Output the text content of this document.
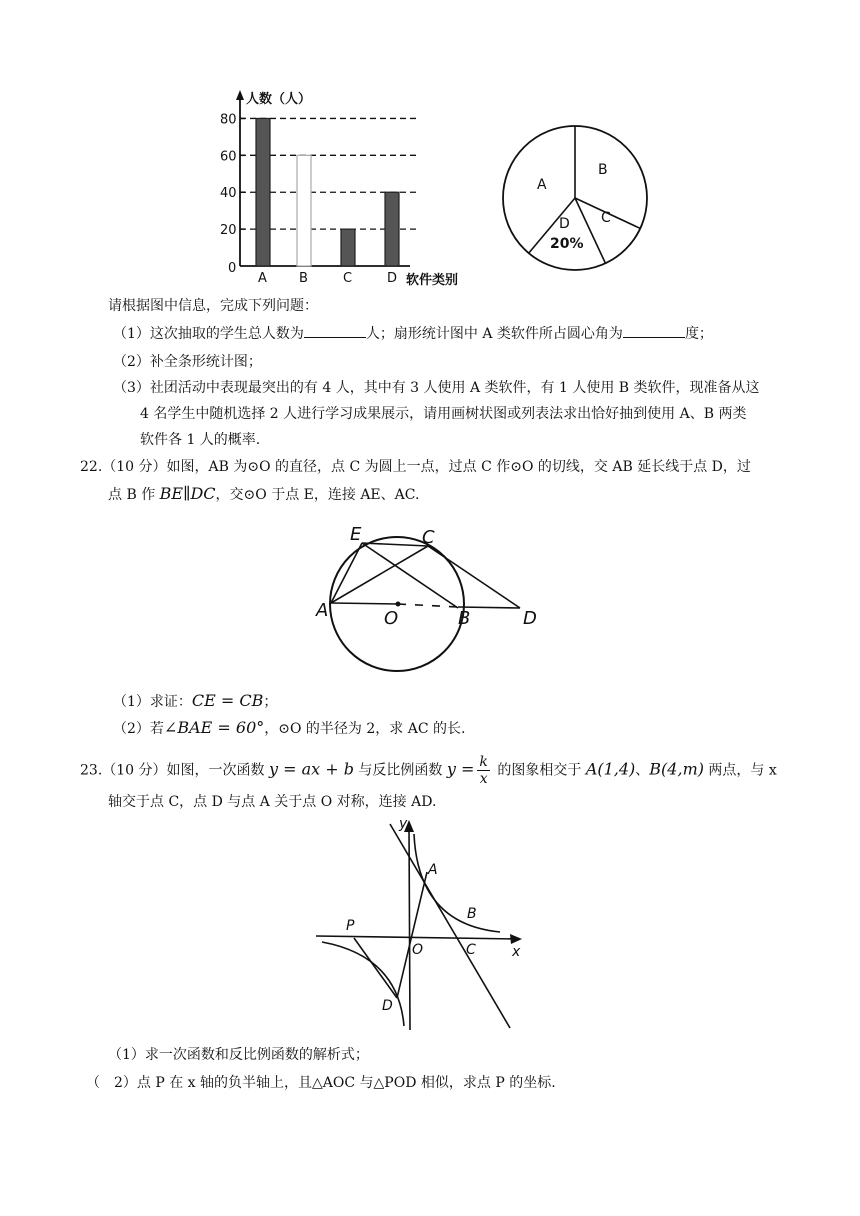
人数（人）
软件类别
0
20
40
60
80
A B	C	D
A
B
C
D
20%
请根据图中信息，完成下列问题：
（1）这次抽取的学生总人数为	人；扇形统计图中 A 类软件所占圆心角为	度；
（2）补全条形统计图；
（3）社团活动中表现最突出的有 4 人，其中有 3 人使用 A 类软件，有 1 人使用 B 类软件，现准备从这
4 名学生中随机选择 2 人进行学习成果展示，请用画树状图或列表法求出恰好抽到使用 A、B 两类
软件各 1 人的概率.
22.（10 分）如图，AB 为⊙O 的直径，点 C 为圆上一点，过点 C 作⊙O 的切线，交 AB 延长线于点 D，过
点 B 作 BE∥DC，交⊙O 于点 E，连接 AE、AC.
E	C
A	O	B	D
（1）求证：CE = CB；
（2）若∠BAE = 60°，⊙O 的半径为 2，求 AC 的长.
23.（10 分）如图，一次函数 y = ax + b 与反比例函数 $y = \frac{k}{x}$ 的图象相交于 A(1,4)、B(4,m) 两点，与 x
轴交于点 C，点 D 与点 A 关于点 O 对称，连接 AD.
y
x
A
B
C
O
P
D
（1）求一次函数和反比例函数的解析式；
（　2）点 P 在 x 轴的负半轴上，且△AOC 与△POD 相似，求点 P 的坐标.
